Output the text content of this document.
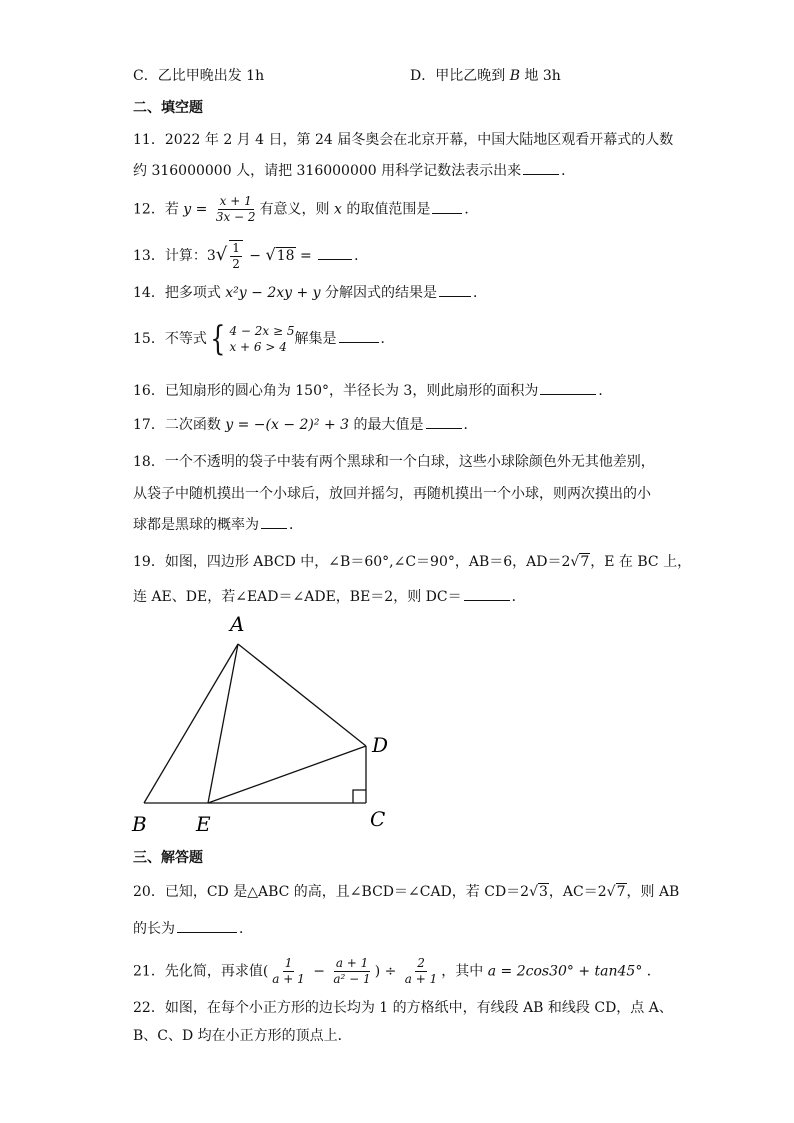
C．乙比甲晚出发 1h	D．甲比乙晚到 B 地 3h
二、填空题
11．2022 年 2 月 4 日，第 24 届冬奥会在北京开幕，中国大陆地区观看开幕式的人数
约 316000000 人，请把 316000000 用科学记数法表示出来	．
12．若 $y = \frac{x + 1}{3x - 2}$ 有意义，则 x 的取值范围是 ．
13．计算：$3√ \frac{1}{2} - √18$ =	．
14．把多项式 x²y − 2xy + y 分解因式的结果是	．
15．不等式 { 4 − 2x ≥ 5
x + 6 > 4 解集是	．
16．已知扇形的圆心角为 150°，半径长为 3，则此扇形的面积为	．
17．二次函数 y = −(x − 2)² + 3 的最大值是	．
18．一个不透明的袋子中装有两个黑球和一个白球，这些小球除颜色外无其他差别，
从袋子中随机摸出一个小球后，放回并摇匀，再随机摸出一个小球，则两次摸出的小
球都是黑球的概率为 ．
19．如图，四边形 ABCD 中，∠B＝60°,∠C＝90°，AB＝6，AD＝2√7，E 在 BC 上，
连 AE、DE，若∠EAD＝∠ADE，BE＝2，则 DC＝	．
A
B E
D
C
三、解答题
20．已知，CD 是△ABC 的高，且∠BCD＝∠CAD，若 CD＝2√3，AC＝2√7，则 AB
的长为	．
21．先化简，再求值( $\frac{1}{a + 1} - \frac{a + 1}{\text{a² − 1}}$ ) ÷ $\frac{2}{a + 1}$ ，其中 a = 2cos30° + tan45° ．
22．如图，在每个小正方形的边长均为 1 的方格纸中，有线段 AB 和线段 CD，点 A、
B、C、D 均在小正方形的顶点上．
